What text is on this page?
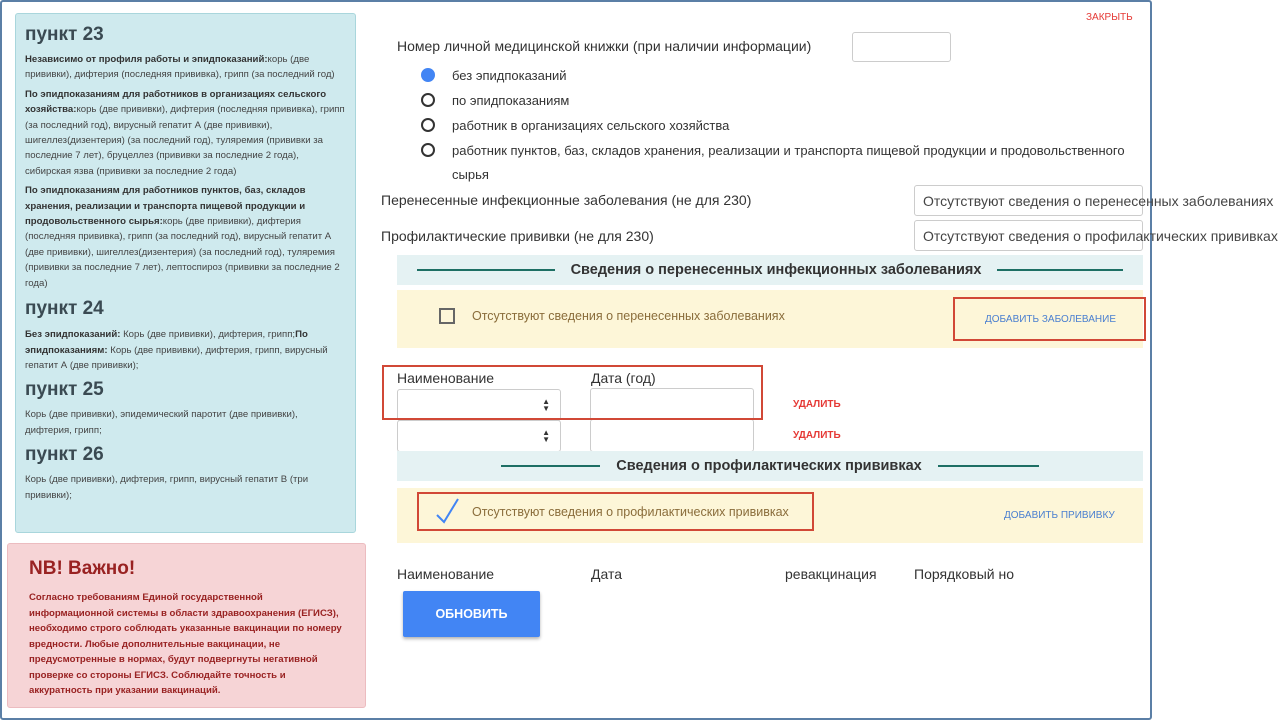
пункт 23

Независимо от профиля работы и эпидпоказаний:корь (две прививки), дифтерия (последняя прививка), грипп (за последний год)

По эпидпоказаниям для работников в организациях сельского хозяйства:корь (две прививки), дифтерия (последняя прививка), грипп (за последний год), вирусный гепатит А (две прививки), шигеллез(дизентерия) (за последний год), туляремия (прививки за последние 7 лет), бруцеллез (прививки за последние 2 года), сибирская язва (прививки за последние 2 года)

По эпидпоказаниям для работников пунктов, баз, складов хранения, реализации и транспорта пищевой продукции и продовольственного сырья:корь (две прививки), дифтерия (последняя прививка), грипп (за последний год), вирусный гепатит А (две прививки), шигеллез(дизентерия) (за последний год), туляремия (прививки за последние 7 лет), лептоспироз (прививки за последние 2 года)

пункт 24

Без эпидпоказаний: Корь (две прививки), дифтерия, грипп;По эпидпоказаниям: Корь (две прививки), дифтерия, грипп, вирусный гепатит А (две прививки);

пункт 25

Корь (две прививки), эпидемический паротит (две прививки), дифтерия, грипп;

пункт 26

Корь (две прививки), дифтерия, грипп, вирусный гепатит В (три прививки);

NB! Важно!

Согласно требованиям Единой государственной информационной системы в области здравоохранения (ЕГИСЗ), необходимо строго соблюдать указанные вакцинации по номеру вредности. Любые дополнительные вакцинации, не предусмотренные в нормах, будут подвергнуты негативной проверке со стороны ЕГИСЗ. Соблюдайте точность и аккуратность при указании вакцинаций.

ЗАКРЫТЬ
Номер личной медицинской книжки (при наличии информации)
без эпидпоказаний
по эпидпоказаниям
работник в организациях сельского хозяйства
работник пунктов, баз, складов хранения, реализации и транспорта пищевой продукции и продовольственного
сырья
Перенесенные инфекционные заболевания (не для 230)	Отсутствуют сведения о перенесенных заболеваниях
Профилактические прививки (не для 230)	Отсутствуют сведения о профилактических прививках
Сведения о перенесенных инфекционных заболеваниях
Отсутствуют сведения о перенесенных заболеваниях	ДОБАВИТЬ ЗАБОЛЕВАНИЕ
Наименование	Дата (год)
▲
▼	УДАЛИТЬ
▲
▼	УДАЛИТЬ
Сведения о профилактических прививках
Отсутствуют сведения о профилактических прививках	ДОБАВИТЬ ПРИВИВКУ
Наименование	Дата	ревакцинация	Порядковый но
ОБНОВИТЬ
